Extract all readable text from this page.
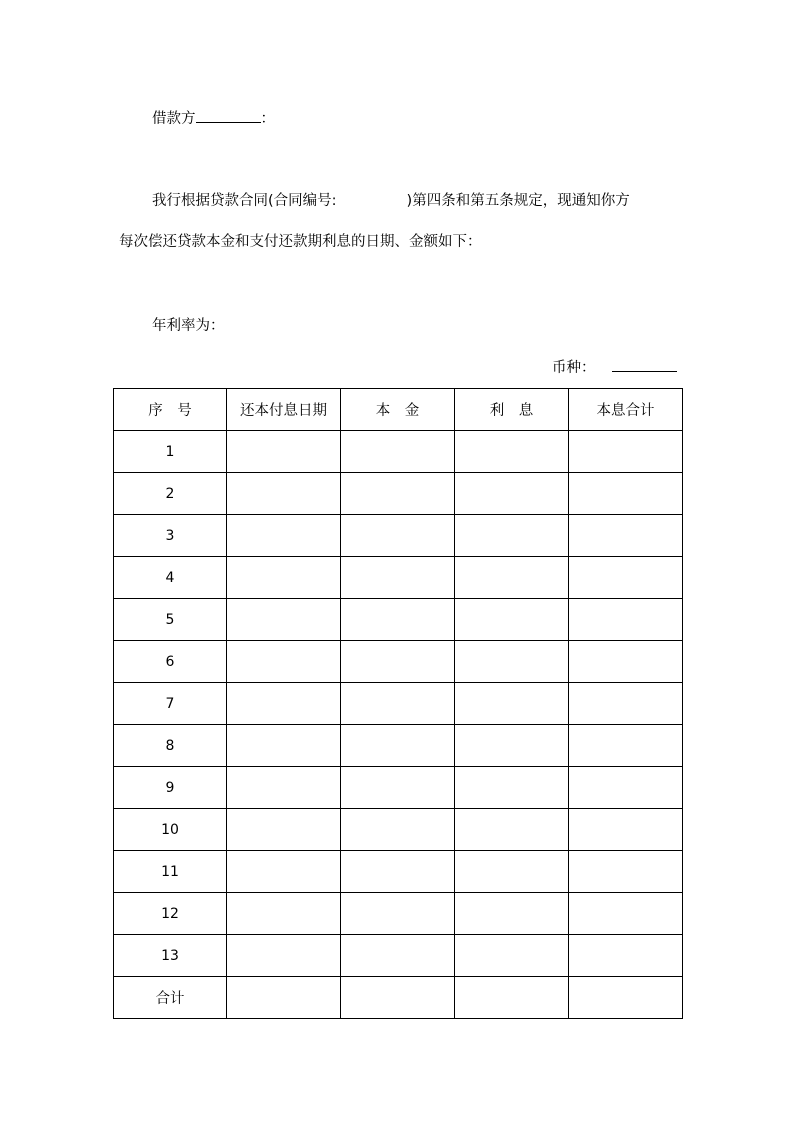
借款方	：
我行根据贷款合同(合同编号:	)第四条和第五条规定，现通知你方
每次偿还贷款本金和支付还款期利息的日期、金额如下：
年利率为：
币种：
序　号	还本付息日期	本　金	利　息	本息合计
1				
2				
3				
4				
5				
6				
7				
8				
9				
10				
11				
12				
13				
合计				
